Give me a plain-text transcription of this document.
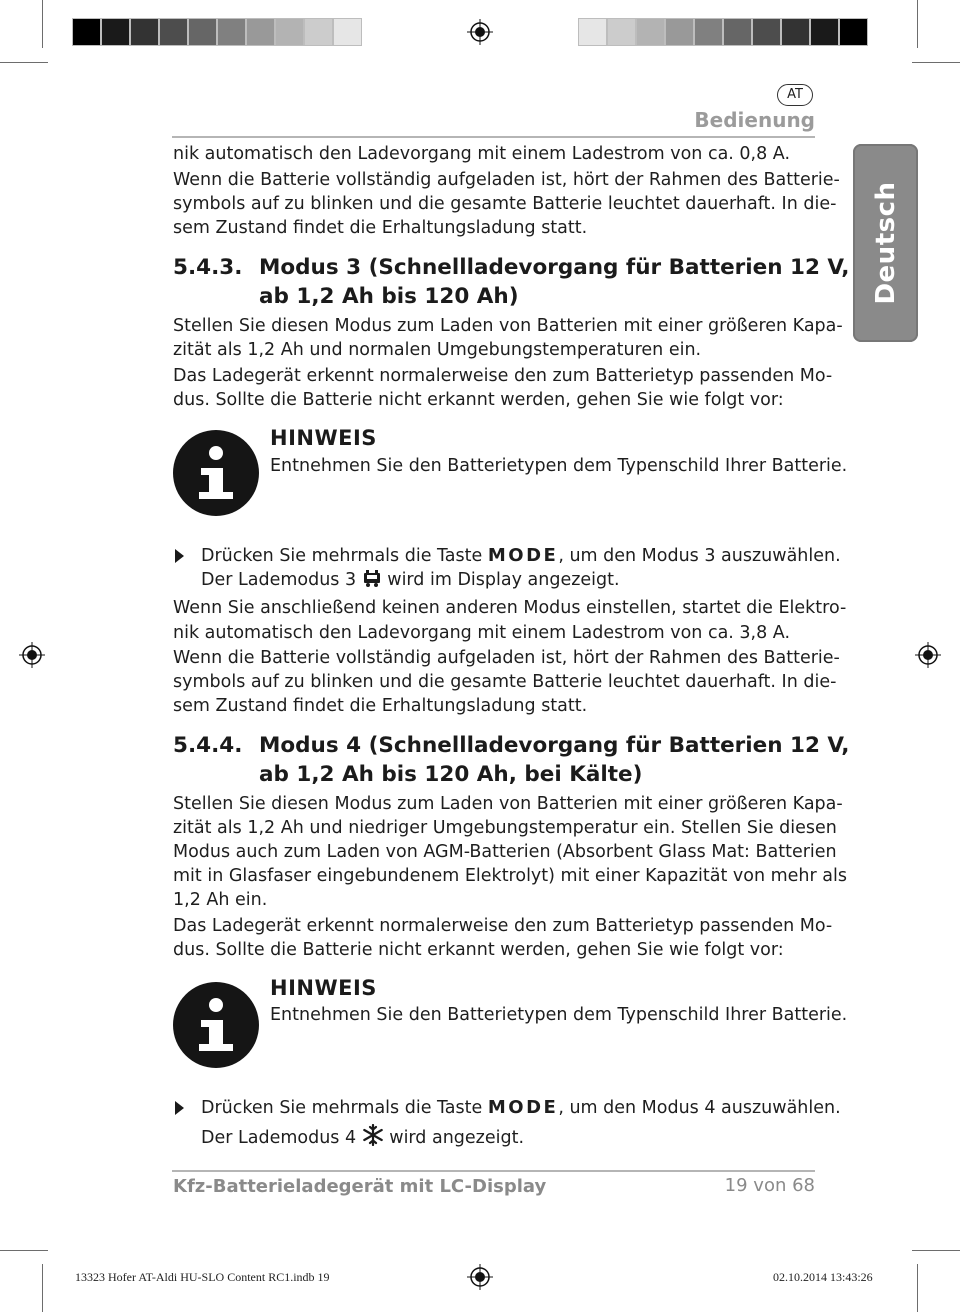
AT
Bedienung
Deutsch
nik automatisch den Ladevorgang mit einem Ladestrom von ca. 0,8 A.
Wenn die Batterie vollständig aufgeladen ist, hört der Rahmen des Batterie-
symbols auf zu blinken und die gesamte Batterie leuchtet dauerhaft. In die-
sem Zustand findet die Erhaltungsladung statt.
5.4.3. Modus 3 (Schnellladevorgang für Batterien 12 V,
ab 1,2 Ah bis 120 Ah)
Stellen Sie diesen Modus zum Laden von Batterien mit einer größeren Kapa-
zität als 1,2 Ah und normalen Umgebungstemperaturen ein.
Das Ladegerät erkennt normalerweise den zum Batterietyp passenden Mo-
dus. Sollte die Batterie nicht erkannt werden, gehen Sie wie folgt vor:
HINWEIS
Entnehmen Sie den Batterietypen dem Typenschild Ihrer Batterie.
Drücken Sie mehrmals die Taste MODE, um den Modus 3 auszuwählen.
Der Lademodus 3  wird im Display angezeigt.
Wenn Sie anschließend keinen anderen Modus einstellen, startet die Elektro-
nik automatisch den Ladevorgang mit einem Ladestrom von ca. 3,8 A.
Wenn die Batterie vollständig aufgeladen ist, hört der Rahmen des Batterie-
symbols auf zu blinken und die gesamte Batterie leuchtet dauerhaft. In die-
sem Zustand findet die Erhaltungsladung statt.
5.4.4. Modus 4 (Schnellladevorgang für Batterien 12 V,
ab 1,2 Ah bis 120 Ah, bei Kälte)
Stellen Sie diesen Modus zum Laden von Batterien mit einer größeren Kapa-
zität als 1,2 Ah und niedriger Umgebungstemperatur ein. Stellen Sie diesen
Modus auch zum Laden von AGM-Batterien (Absorbent Glass Mat: Batterien
mit in Glasfaser eingebundenem Elektrolyt) mit einer Kapazität von mehr als
1,2 Ah ein.
Das Ladegerät erkennt normalerweise den zum Batterietyp passenden Mo-
dus. Sollte die Batterie nicht erkannt werden, gehen Sie wie folgt vor:
HINWEIS
Entnehmen Sie den Batterietypen dem Typenschild Ihrer Batterie.
Drücken Sie mehrmals die Taste MODE, um den Modus 4 auszuwählen.
Der Lademodus 4  wird angezeigt.
Kfz-Batterieladegerät mit LC-Display	19 von 68
13323 Hofer AT-Aldi HU-SLO Content RC1.indb 19	02.10.2014 13:43:26
